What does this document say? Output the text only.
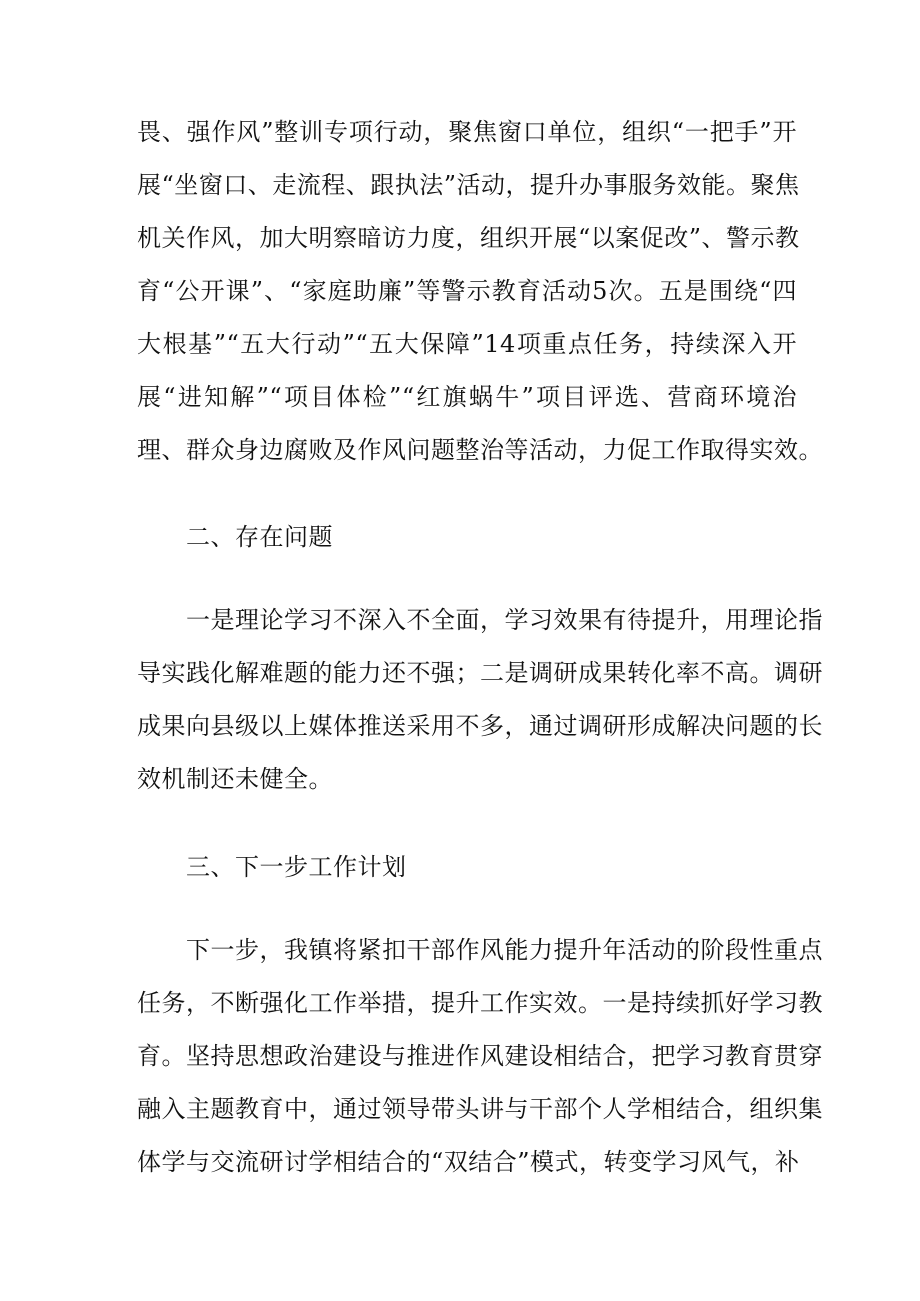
畏、强作风”整训专项行动，聚焦窗口单位，组织“一把手”开
展“坐窗口、走流程、跟执法”活动，提升办事服务效能。聚焦
机关作风，加大明察暗访力度，组织开展“以案促改”、警示教
育“公开课”、“家庭助廉”等警示教育活动5次。五是围绕“四
大根基”“五大行动”“五大保障”14项重点任务，持续深入开
展“进知解”“项目体检”“红旗蜗牛”项目评选、营商环境治
理、群众身边腐败及作风问题整治等活动，力促工作取得实效。
二、存在问题
一是理论学习不深入不全面，学习效果有待提升，用理论指
导实践化解难题的能力还不强；二是调研成果转化率不高。调研
成果向县级以上媒体推送采用不多，通过调研形成解决问题的长
效机制还未健全。
三、下一步工作计划
下一步，我镇将紧扣干部作风能力提升年活动的阶段性重点
任务，不断强化工作举措，提升工作实效。一是持续抓好学习教
育。坚持思想政治建设与推进作风建设相结合，把学习教育贯穿
融入主题教育中，通过领导带头讲与干部个人学相结合，组织集
体学与交流研讨学相结合的“双结合”模式，转变学习风气，补
